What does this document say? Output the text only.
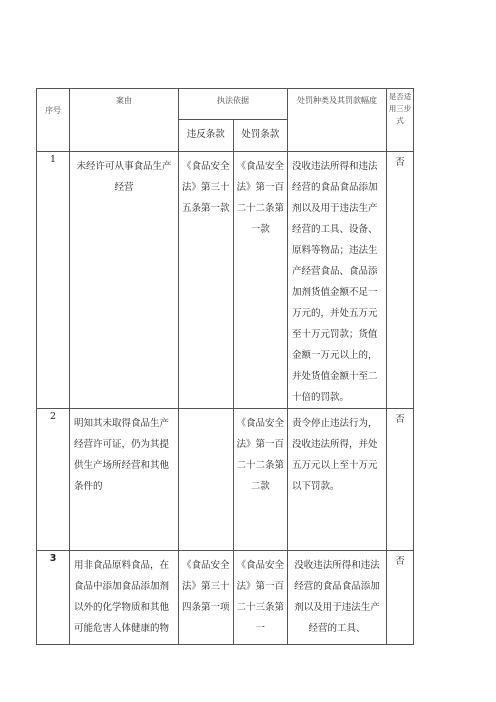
序号	案由	执法依据		处罚种类及其罚款幅度	是否适用三步式

		违反条款	处罚条款		

1	未经许可从事食品生产经营	《食品安全法》第三十五条第一款	《食品安全法》第一百二十二条第一款	没收违法所得和违法经营的食品食品添加剂以及用于违法生产经营的工具、设备、原料等物品；违法生产经营食品、食品添加剂货值金额不足一万元的，并处五万元至十万元罚款；货值金额一万元以上的，并处货值金额十至二十倍的罚款。	否

2	明知其未取得食品生产经营许可证，仍为其提供生产场所经营和其他条件的		《食品安全法》第一百二十二条第二款	责令停止违法行为，没收违法所得，并处五万元以上至十万元以下罚款。	否

3	用非食品原料食品，在食品中添加食品添加剂以外的化学物质和其他可能危害人体健康的物	《食品安全法》第三十四条第一项	《食品安全法》第一百二十三条第一	没收违法所得和违法经营的食品食品添加剂以及用于违法生产经营的工具、	否
